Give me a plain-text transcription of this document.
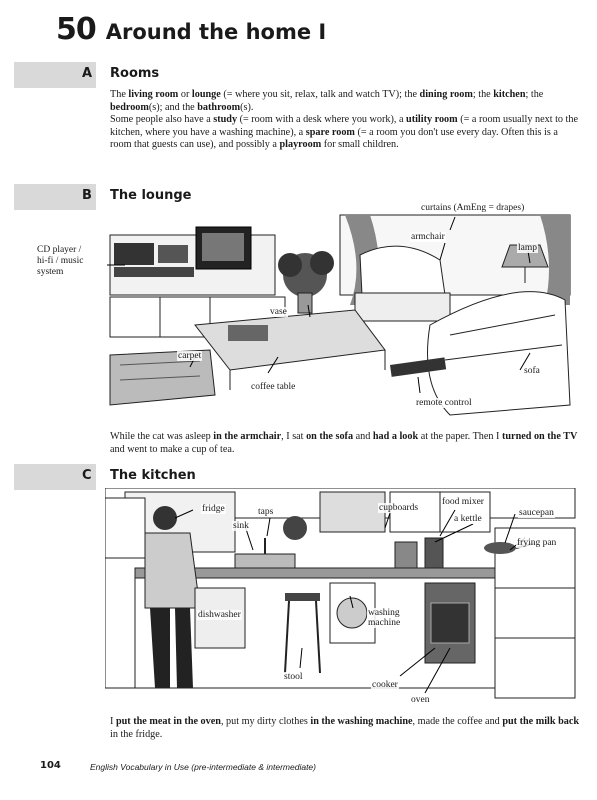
50 Around the home I
A Rooms
The living room or lounge (= where you sit, relax, talk and watch TV); the dining room; the kitchen; the bedroom(s); and the bathroom(s).
Some people also have a study (= room with a desk where you work), a utility room (= a room usually next to the kitchen, where you have a washing machine), a spare room (= a room you don't use every day. Often this is a room that guests can use), and possibly a playroom for small children.
B The lounge
CD player /
hi-fi / music
system
curtains (AmEng = drapes)
armchair
lamp
vase
carpet
coffee table
sofa
remote control
While the cat was asleep in the armchair, I sat on the sofa and had a look at the paper. Then I turned on the TV and went to make a cup of tea.
C The kitchen
fridge	taps
sink
cupboards
food mixer
a kettle
saucepan
frying pan
dishwasher	washing
machine
stool
cooker
oven
I put the meat in the oven, put my dirty clothes in the washing machine, made the coffee and put the milk back in the fridge.
104	English Vocabulary in Use (pre-intermediate & intermediate)
